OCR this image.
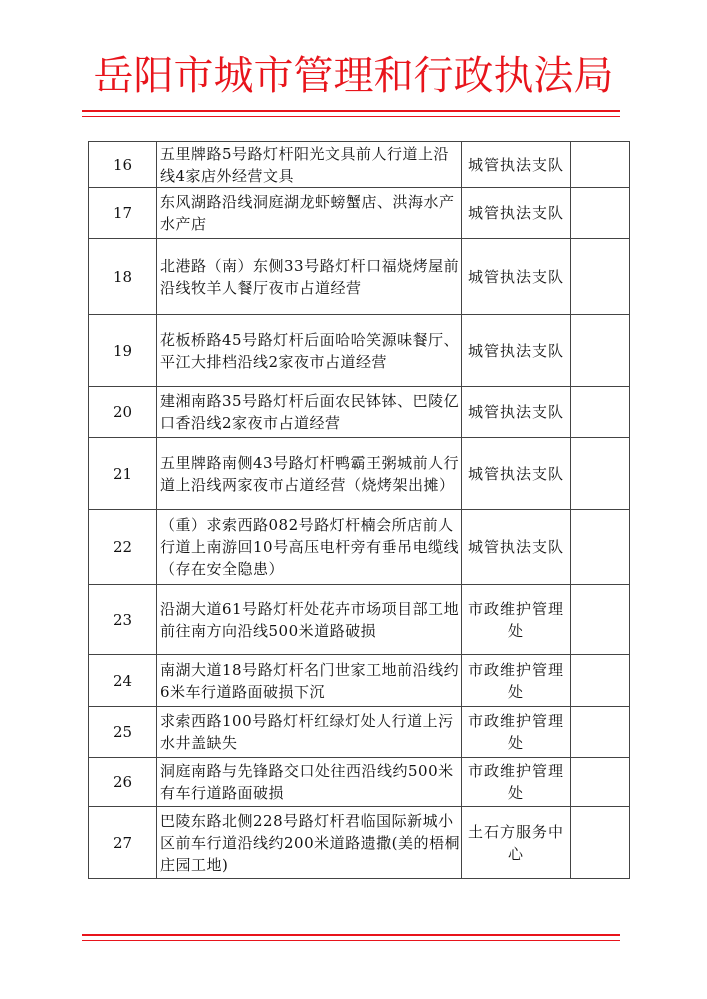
岳阳市城市管理和行政执法局
16	五里牌路5号路灯杆阳光文具前人行道上沿线4家店外经营文具	城管执法支队	
17	东风湖路沿线洞庭湖龙虾螃蟹店、洪海水产水产店	城管执法支队	
18	北港路（南）东侧33号路灯杆口福烧烤屋前沿线牧羊人餐厅夜市占道经营	城管执法支队	
19	花板桥路45号路灯杆后面哈哈笑源味餐厅、平江大排档沿线2家夜市占道经营	城管执法支队	
20	建湘南路35号路灯杆后面农民钵钵、巴陵亿口香沿线2家夜市占道经营	城管执法支队	
21	五里牌路南侧43号路灯杆鸭霸王粥城前人行道上沿线两家夜市占道经营（烧烤架出摊）	城管执法支队	
22	（重）求索西路082号路灯杆楠会所店前人行道上南游回10号高压电杆旁有垂吊电缆线（存在安全隐患）	城管执法支队	
23	沿湖大道61号路灯杆处花卉市场项目部工地前往南方向沿线500米道路破损	市政维护管理处	
24	南湖大道18号路灯杆名门世家工地前沿线约6米车行道路面破损下沉	市政维护管理处	
25	求索西路100号路灯杆红绿灯处人行道上污水井盖缺失	市政维护管理处	
26	洞庭南路与先锋路交口处往西沿线约500米有车行道路面破损	市政维护管理处	
27	巴陵东路北侧228号路灯杆君临国际新城小区前车行道沿线约200米道路遗撒(美的梧桐庄园工地)	土石方服务中心	
